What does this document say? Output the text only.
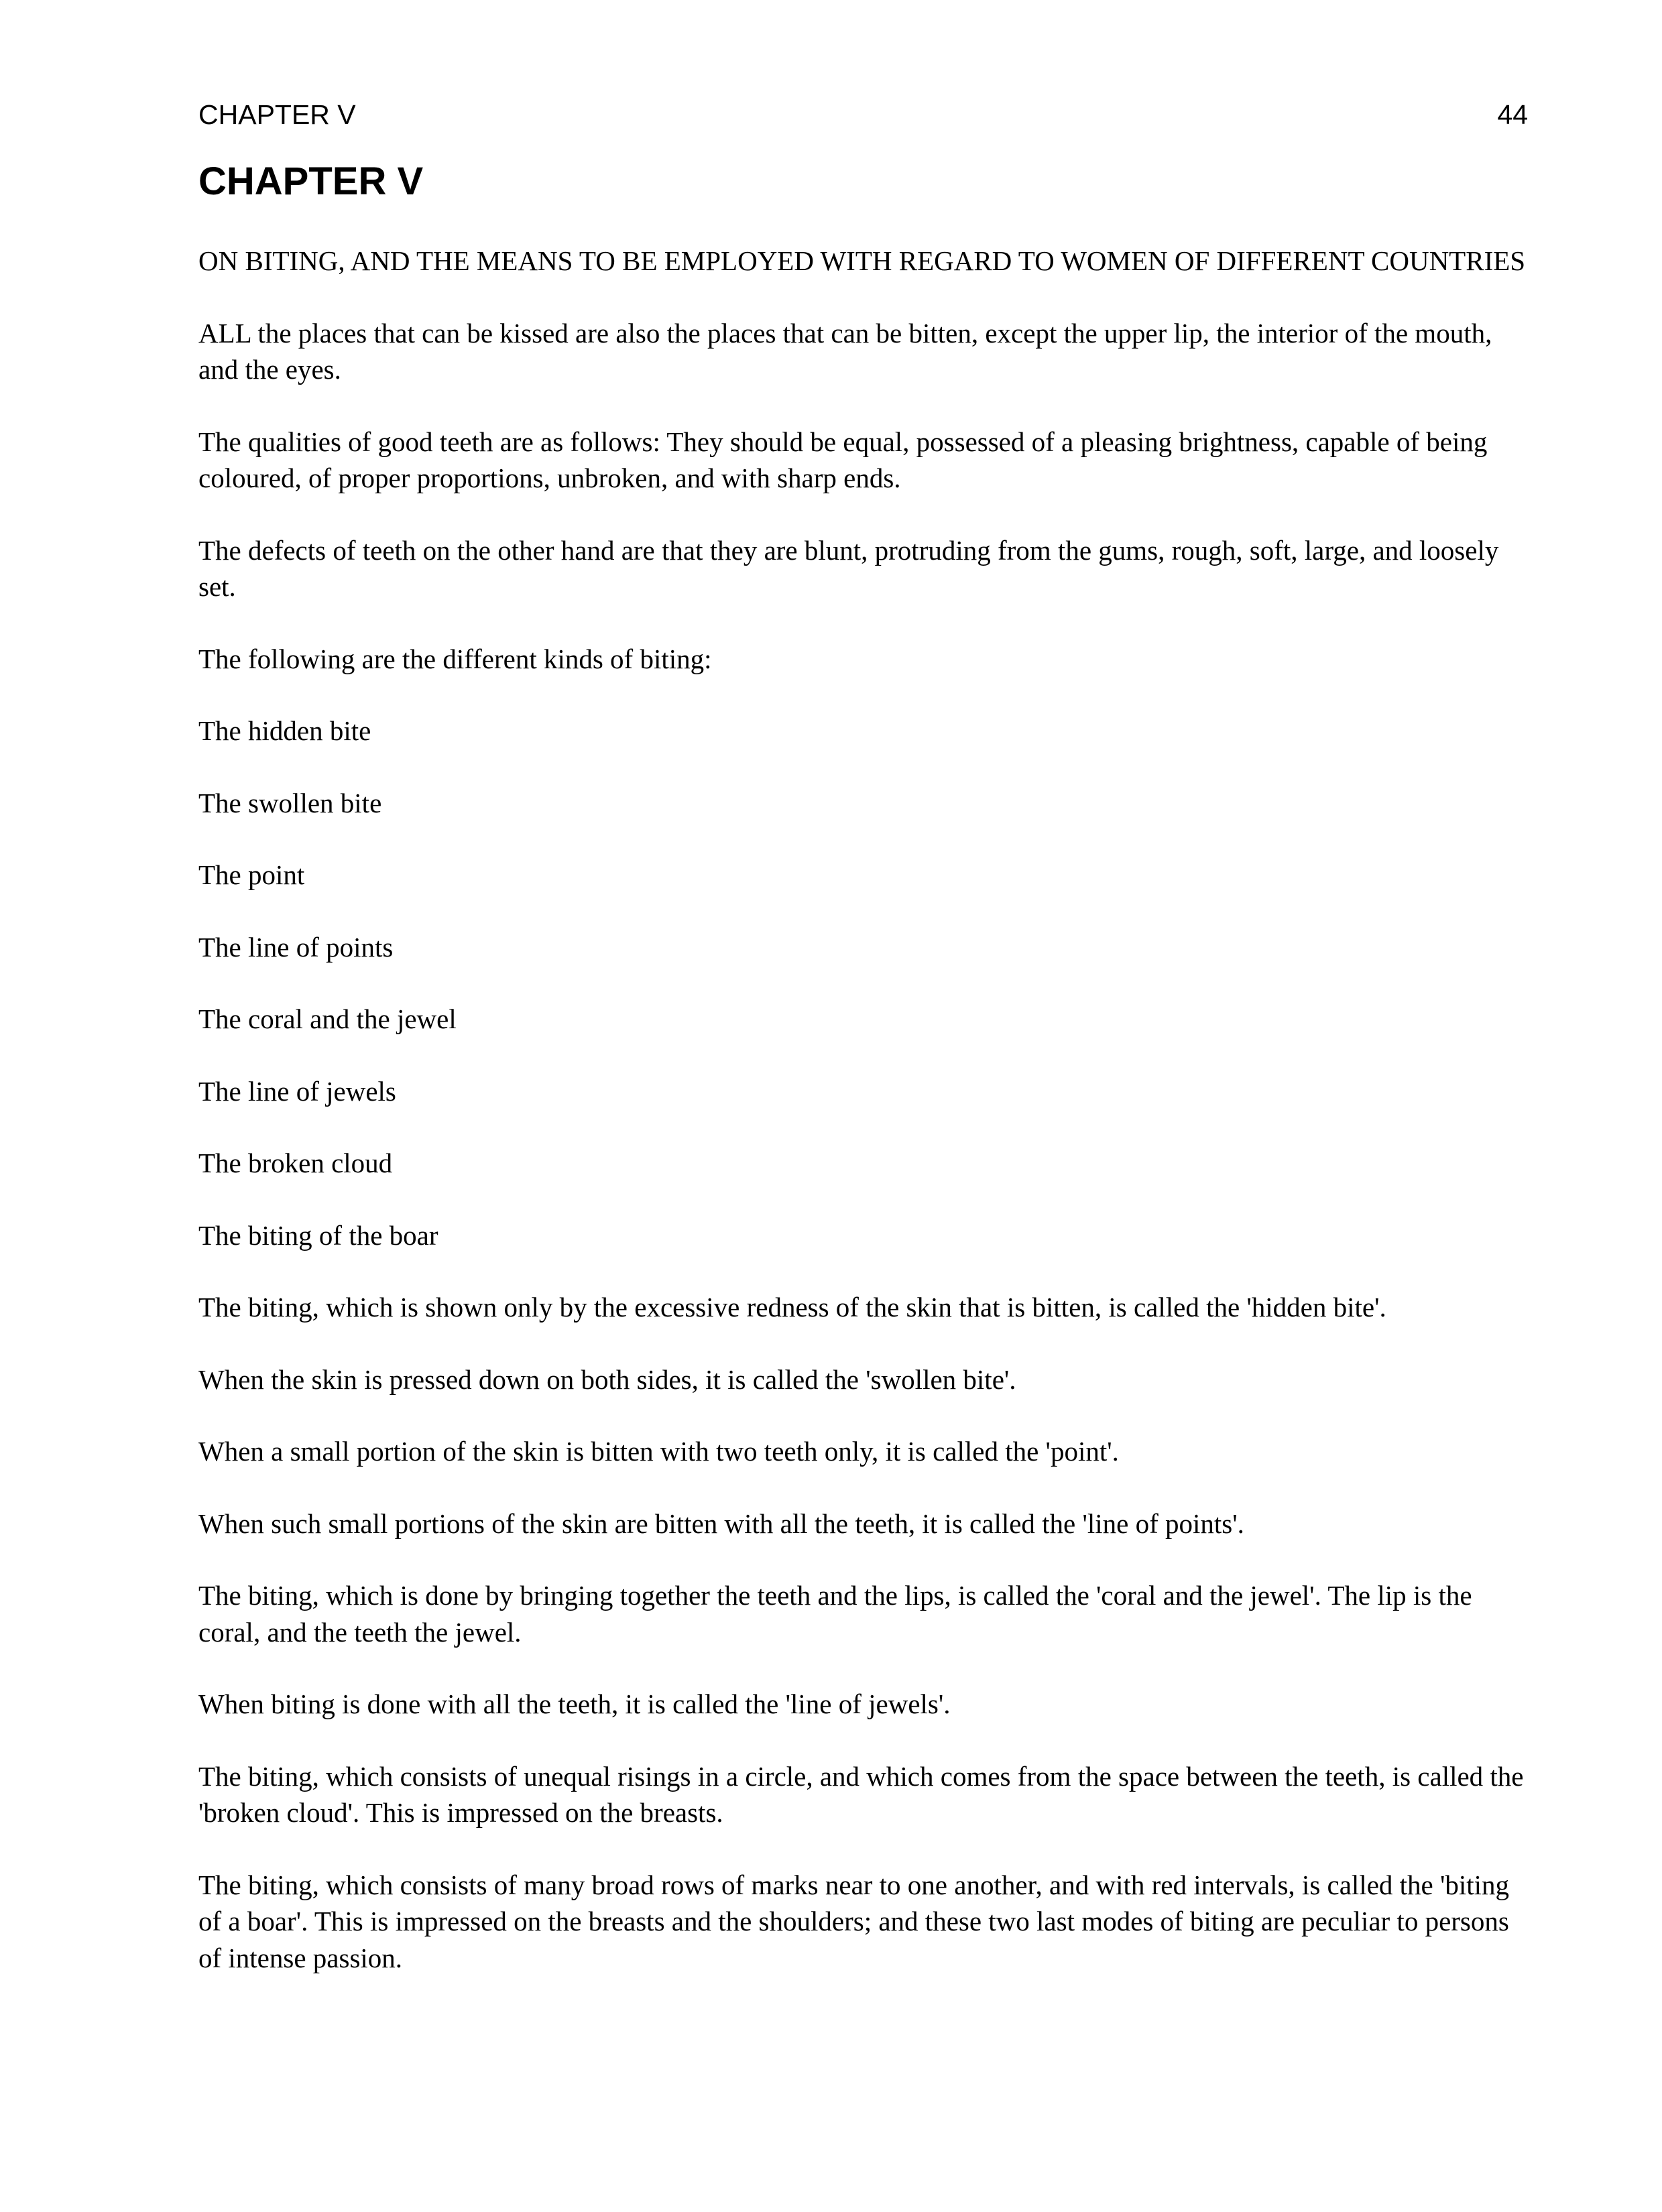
CHAPTER V	44
CHAPTER V

ON BITING, AND THE MEANS TO BE EMPLOYED WITH REGARD TO WOMEN OF DIFFERENT COUNTRIES

ALL the places that can be kissed are also the places that can be bitten, except the upper lip, the interior of the mouth, and the eyes.

The qualities of good teeth are as follows: They should be equal, possessed of a pleasing brightness, capable of being coloured, of proper proportions, unbroken, and with sharp ends.

The defects of teeth on the other hand are that they are blunt, protruding from the gums, rough, soft, large, and loosely set.

The following are the different kinds of biting:

The hidden bite

The swollen bite

The point

The line of points

The coral and the jewel

The line of jewels

The broken cloud

The biting of the boar

The biting, which is shown only by the excessive redness of the skin that is bitten, is called the 'hidden bite'.

When the skin is pressed down on both sides, it is called the 'swollen bite'.

When a small portion of the skin is bitten with two teeth only, it is called the 'point'.

When such small portions of the skin are bitten with all the teeth, it is called the 'line of points'.

The biting, which is done by bringing together the teeth and the lips, is called the 'coral and the jewel'. The lip is the coral, and the teeth the jewel.

When biting is done with all the teeth, it is called the 'line of jewels'.

The biting, which consists of unequal risings in a circle, and which comes from the space between the teeth, is called the 'broken cloud'. This is impressed on the breasts.

The biting, which consists of many broad rows of marks near to one another, and with red intervals, is called the 'biting of a boar'. This is impressed on the breasts and the shoulders; and these two last modes of biting are peculiar to persons of intense passion.
